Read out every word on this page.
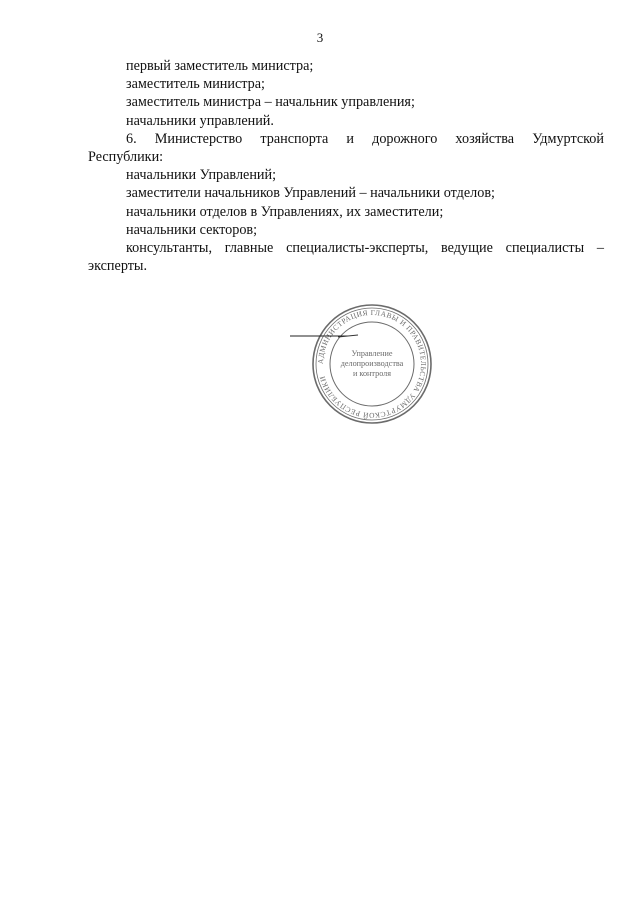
3
первый заместитель министра;
заместитель министра;
заместитель министра – начальник управления;
начальники управлений.
6. Министерство транспорта и дорожного хозяйства Удмуртской
Республики:
начальники Управлений;
заместители начальников Управлений – начальники отделов;
начальники отделов в Управлениях, их заместители;
начальники секторов;
консультанты, главные специалисты-эксперты, ведущие специалисты –
эксперты.
АДМИНИСТРАЦИЯ ГЛАВЫ И ПРАВИТЕЛЬСТВА УДМУРТСКОЙ РЕСПУБЛИКИ
Управление
делопроизводства
и контроля
